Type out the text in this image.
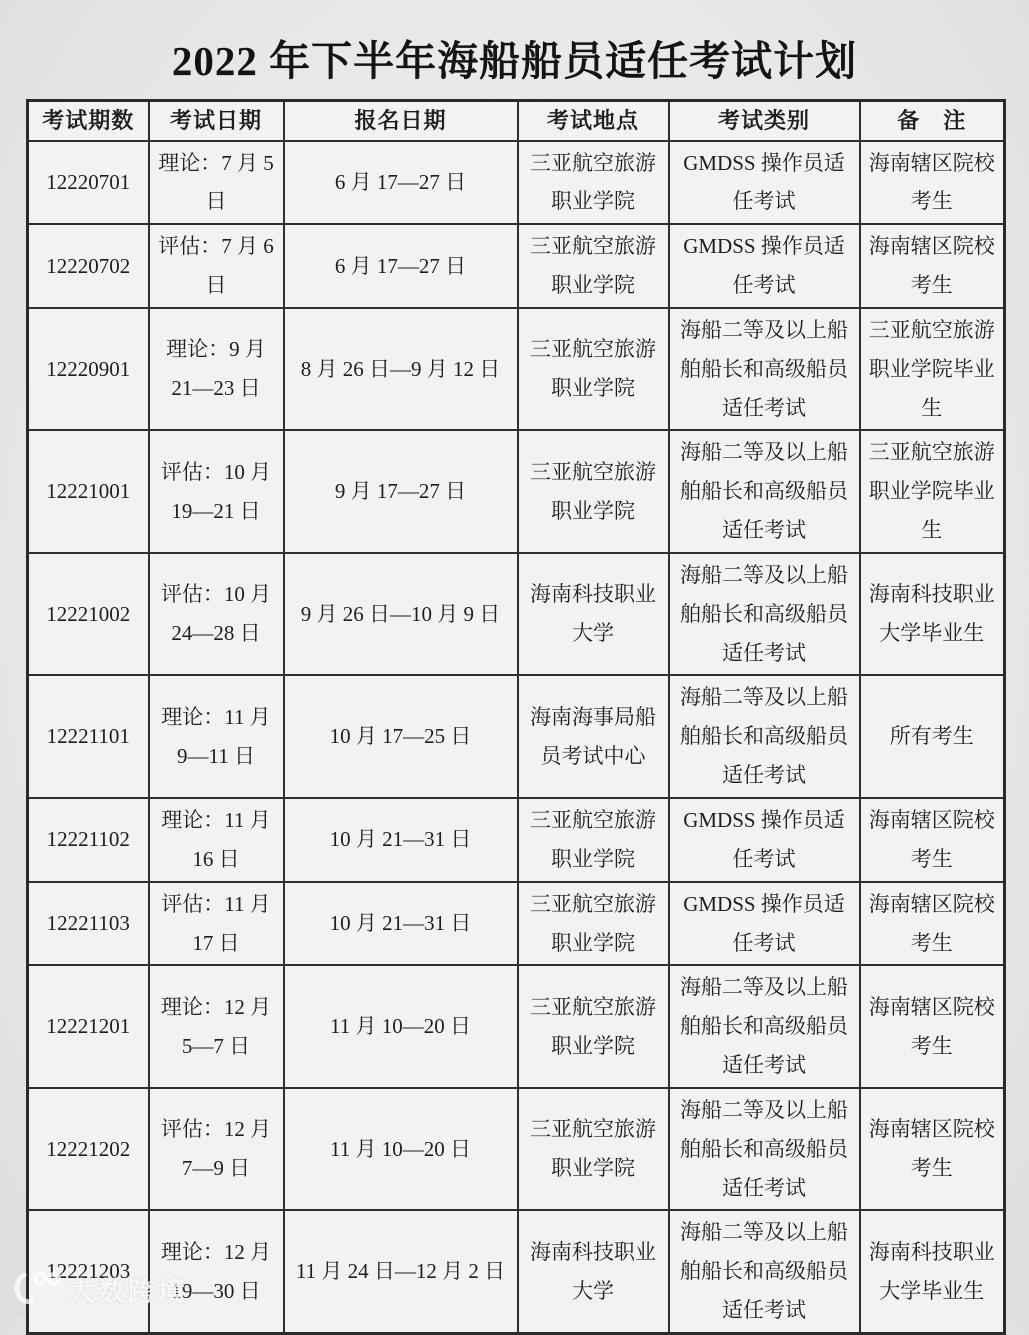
2022 年下半年海船船员适任考试计划
考试期数	考试日期	报名日期	考试地点	考试类别	备　注
12220701	理论：7 月 5 日	6 月 17—27 日	三亚航空旅游职业学院	GMDSS 操作员适任考试	海南辖区院校考生
12220702	评估：7 月 6 日	6 月 17—27 日	三亚航空旅游职业学院	GMDSS 操作员适任考试	海南辖区院校考生
12220901	理论：9 月 21—23 日	8 月 26 日—9 月 12 日	三亚航空旅游职业学院	海船二等及以上船舶船长和高级船员适任考试	三亚航空旅游职业学院毕业生
12221001	评估：10 月 19—21 日	9 月 17—27 日	三亚航空旅游职业学院	海船二等及以上船舶船长和高级船员适任考试	三亚航空旅游职业学院毕业生
12221002	评估：10 月 24—28 日	9 月 26 日—10 月 9 日	海南科技职业大学	海船二等及以上船舶船长和高级船员适任考试	海南科技职业大学毕业生
12221101	理论：11 月 9—11 日	10 月 17—25 日	海南海事局船员考试中心	海船二等及以上船舶船长和高级船员适任考试	所有考生
12221102	理论：11 月 16 日	10 月 21—31 日	三亚航空旅游职业学院	GMDSS 操作员适任考试	海南辖区院校考生
12221103	评估：11 月 17 日	10 月 21—31 日	三亚航空旅游职业学院	GMDSS 操作员适任考试	海南辖区院校考生
12221201	理论：12 月 5—7 日	11 月 10—20 日	三亚航空旅游职业学院	海船二等及以上船舶船长和高级船员适任考试	海南辖区院校考生
12221202	评估：12 月 7—9 日	11 月 10—20 日	三亚航空旅游职业学院	海船二等及以上船舶船长和高级船员适任考试	海南辖区院校考生
12221203	理论：12 月 19—30 日	11 月 24 日—12 月 2 日	海南科技职业大学	海船二等及以上船舶船长和高级船员适任考试	海南科技职业大学毕业生
大数跨境
